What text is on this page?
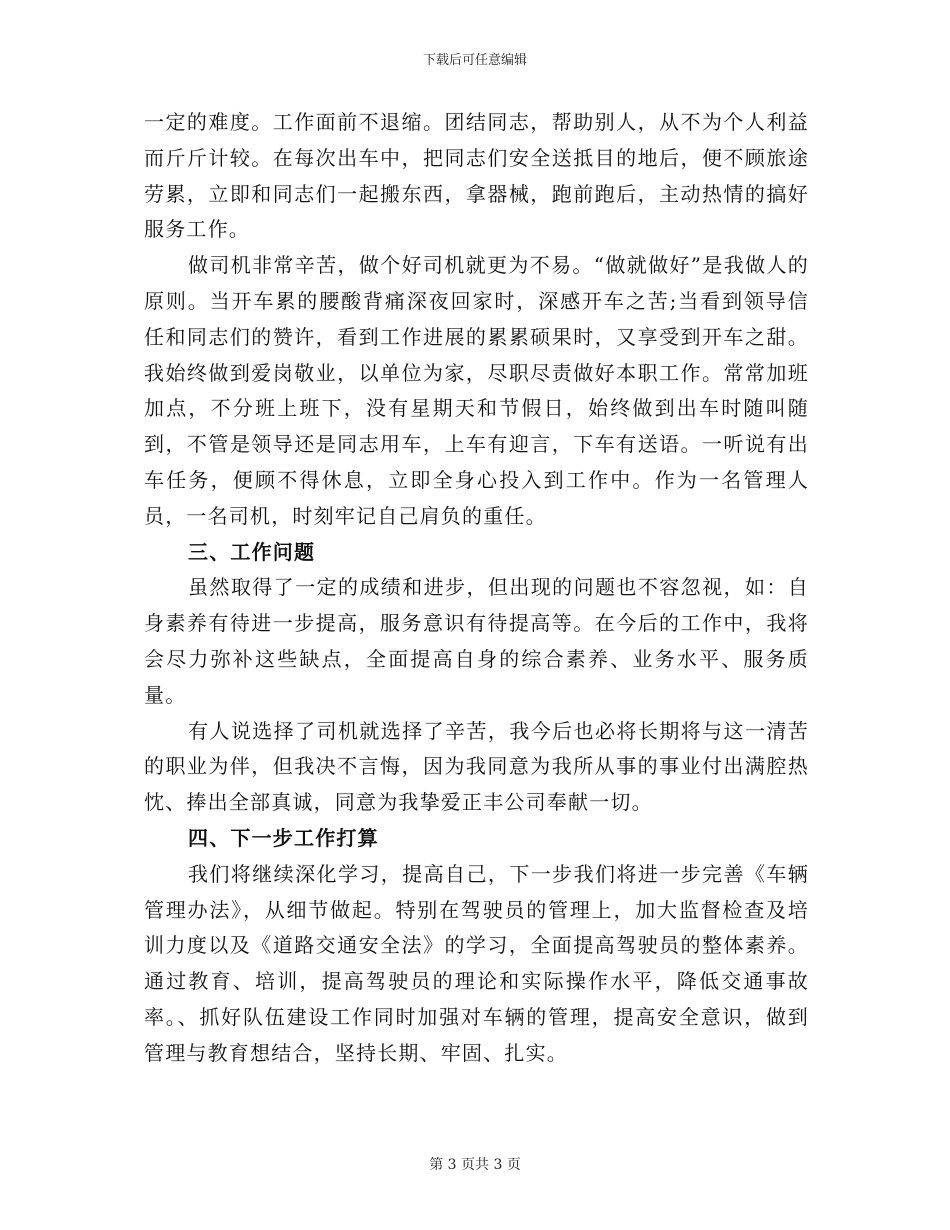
下载后可任意编辑

一定的难度。工作面前不退缩。团结同志，帮助别人，从不为个人利益而斤斤计较。在每次出车中，把同志们安全送抵目的地后，便不顾旅途劳累，立即和同志们一起搬东西，拿器械，跑前跑后，主动热情的搞好服务工作。

做司机非常辛苦，做个好司机就更为不易。“做就做好”是我做人的原则。当开车累的腰酸背痛深夜回家时，深感开车之苦;当看到领导信任和同志们的赞许，看到工作进展的累累硕果时，又享受到开车之甜。我始终做到爱岗敬业，以单位为家，尽职尽责做好本职工作。常常加班加点，不分班上班下，没有星期天和节假日，始终做到出车时随叫随到，不管是领导还是同志用车，上车有迎言，下车有送语。一听说有出车任务，便顾不得休息，立即全身心投入到工作中。作为一名管理人员，一名司机，时刻牢记自己肩负的重任。

三、工作问题

虽然取得了一定的成绩和进步，但出现的问题也不容忽视，如：自身素养有待进一步提高，服务意识有待提高等。在今后的工作中，我将会尽力弥补这些缺点，全面提高自身的综合素养、业务水平、服务质量。

有人说选择了司机就选择了辛苦，我今后也必将长期将与这一清苦的职业为伴，但我决不言悔，因为我同意为我所从事的事业付出满腔热忱、捧出全部真诚，同意为我挚爱正丰公司奉献一切。

四、下一步工作打算

我们将继续深化学习，提高自己，下一步我们将进一步完善《车辆管理办法》，从细节做起。特别在驾驶员的管理上，加大监督检查及培训力度以及《道路交通安全法》的学习，全面提高驾驶员的整体素养。通过教育、培训，提高驾驶员的理论和实际操作水平，降低交通事故率。、抓好队伍建设工作同时加强对车辆的管理，提高安全意识，做到管理与教育想结合，坚持长期、牢固、扎实。

第 3 页共 3 页
